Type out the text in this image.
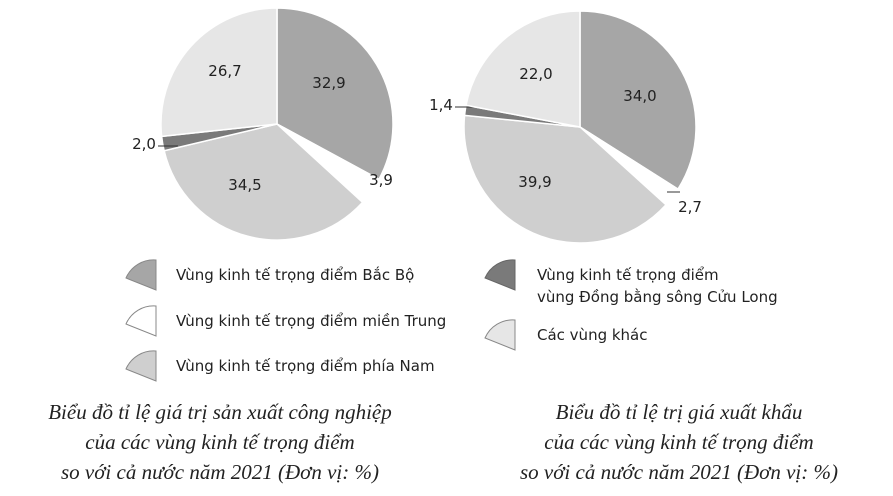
32,9
3,9
34,5
2,0
26,7
34,0
2,7
39,9
1,4
22,0
Vùng kinh tế trọng điểm Bắc Bộ
Vùng kinh tế trọng điểm miền Trung
Vùng kinh tế trọng điểm phía Nam
Vùng kinh tế trọng điểm
vùng Đồng bằng sông Cửu Long
Các vùng khác
Biểu đồ tỉ lệ giá trị sản xuất công nghiệp
của các vùng kinh tế trọng điểm
so với cả nước năm 2021 (Đơn vị: %)
Biểu đồ tỉ lệ trị giá xuất khẩu
của các vùng kinh tế trọng điểm
so với cả nước năm 2021 (Đơn vị: %)
